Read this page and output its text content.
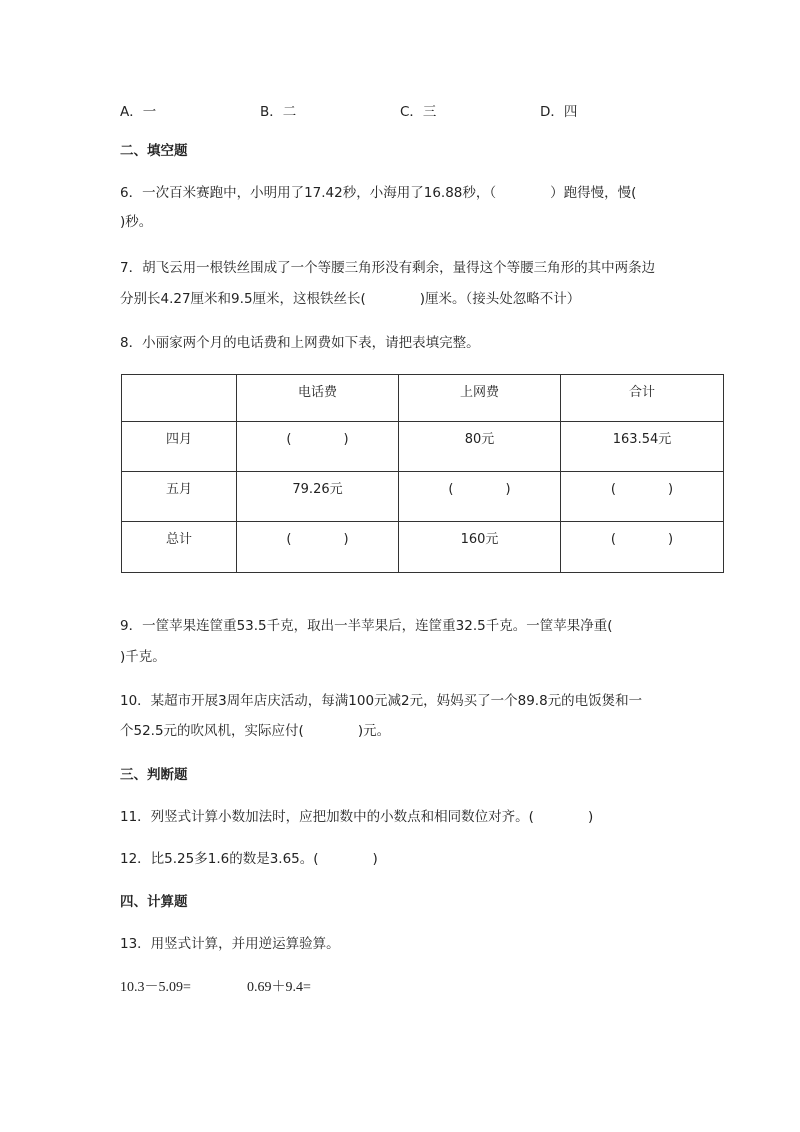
A．一	B．二	C．三	D．四
二、填空题
6．一次百米赛跑中，小明用了17.42秒，小海用了16.88秒，（　　　　）跑得慢，慢(
)秒。
7．胡飞云用一根铁丝围成了一个等腰三角形没有剩余，量得这个等腰三角形的其中两条边
分别长4.27厘米和9.5厘米，这根铁丝长(　　　　)厘米。（接头处忽略不计）
8．小丽家两个月的电话费和上网费如下表，请把表填完整。
	电话费	上网费	合计
四月	(　　　　)	80元	163.54元
五月	79.26元	(　　　　)	(　　　　)
总计	(　　　　)	160元	(　　　　)
9．一筐苹果连筐重53.5千克，取出一半苹果后，连筐重32.5千克。一筐苹果净重(
)千克。
10．某超市开展3周年店庆活动，每满100元减2元，妈妈买了一个89.8元的电饭煲和一
个52.5元的吹风机，实际应付(　　　　)元。
三、判断题
11．列竖式计算小数加法时，应把加数中的小数点和相同数位对齐。(　　　　)
12．比5.25多1.6的数是3.65。(　　　　)
四、计算题
13．用竖式计算，并用逆运算验算。
10.3－5.09=	0.69＋9.4=
